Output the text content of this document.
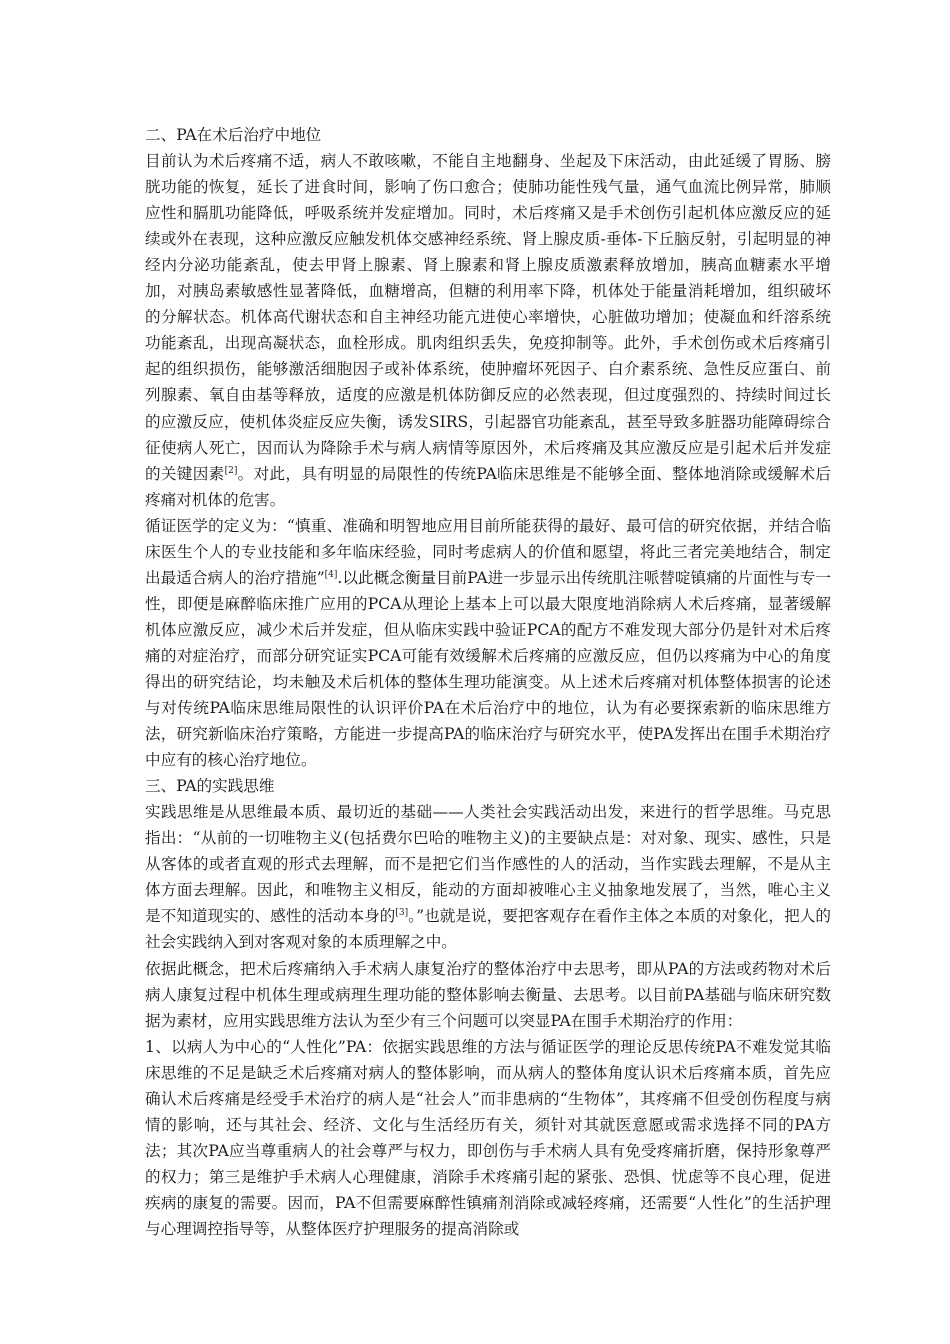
二、PA在术后治疗中地位

目前认为术后疼痛不适，病人不敢咳嗽，不能自主地翻身、坐起及下床活动，由此延缓了胃肠、膀胱功能的恢复，延长了进食时间，影响了伤口愈合；使肺功能性残气量，通气血流比例异常，肺顺应性和膈肌功能降低，呼吸系统并发症增加。同时，术后疼痛又是手术创伤引起机体应激反应的延续或外在表现，这种应激反应触发机体交感神经系统、肾上腺皮质-垂体-下丘脑反射，引起明显的神经内分泌功能紊乱，使去甲肾上腺素、肾上腺素和肾上腺皮质激素释放增加，胰高血糖素水平增加，对胰岛素敏感性显著降低，血糖增高，但糖的利用率下降，机体处于能量消耗增加，组织破坏的分解状态。机体高代谢状态和自主神经功能亢进使心率增快，心脏做功增加；使凝血和纤溶系统功能紊乱，出现高凝状态，血栓形成。肌肉组织丢失，免疫抑制等。此外，手术创伤或术后疼痛引起的组织损伤，能够激活细胞因子或补体系统，使肿瘤坏死因子、白介素系统、急性反应蛋白、前列腺素、氧自由基等释放，适度的应激是机体防御反应的必然表现，但过度强烈的、持续时间过长的应激反应，使机体炎症反应失衡，诱发SIRS，引起器官功能紊乱，甚至导致多脏器功能障碍综合征使病人死亡，因而认为降除手术与病人病情等原因外，术后疼痛及其应激反应是引起术后并发症的关键因素[2]。对此，具有明显的局限性的传统PA临床思维是不能够全面、整体地消除或缓解术后疼痛对机体的危害。

循证医学的定义为：“慎重、准确和明智地应用目前所能获得的最好、最可信的研究依据，并结合临床医生个人的专业技能和多年临床经验，同时考虑病人的价值和愿望，将此三者完美地结合，制定出最适合病人的治疗措施”[4].以此概念衡量目前PA进一步显示出传统肌注哌替啶镇痛的片面性与专一性，即便是麻醉临床推广应用的PCA从理论上基本上可以最大限度地消除病人术后疼痛，显著缓解机体应激反应，减少术后并发症，但从临床实践中验证PCA的配方不难发现大部分仍是针对术后疼痛的对症治疗，而部分研究证实PCA可能有效缓解术后疼痛的应激反应，但仍以疼痛为中心的角度得出的研究结论，均未触及术后机体的整体生理功能演变。从上述术后疼痛对机体整体损害的论述与对传统PA临床思维局限性的认识评价PA在术后治疗中的地位，认为有必要探索新的临床思维方法，研究新临床治疗策略，方能进一步提高PA的临床治疗与研究水平，使PA发挥出在围手术期治疗中应有的核心治疗地位。

三、PA的实践思维

实践思维是从思维最本质、最切近的基础——人类社会实践活动出发，来进行的哲学思维。马克思指出：“从前的一切唯物主义(包括费尔巴哈的唯物主义)的主要缺点是：对对象、现实、感性，只是从客体的或者直观的形式去理解，而不是把它们当作感性的人的活动，当作实践去理解，不是从主体方面去理解。因此，和唯物主义相反，能动的方面却被唯心主义抽象地发展了，当然，唯心主义是不知道现实的、感性的活动本身的[3]。”也就是说，要把客观存在看作主体之本质的对象化，把人的社会实践纳入到对客观对象的本质理解之中。

依据此概念，把术后疼痛纳入手术病人康复治疗的整体治疗中去思考，即从PA的方法或药物对术后病人康复过程中机体生理或病理生理功能的整体影响去衡量、去思考。以目前PA基础与临床研究数据为素材，应用实践思维方法认为至少有三个问题可以突显PA在围手术期治疗的作用：

1、以病人为中心的“人性化”PA：依据实践思维的方法与循证医学的理论反思传统PA不难发觉其临床思维的不足是缺乏术后疼痛对病人的整体影响，而从病人的整体角度认识术后疼痛本质，首先应确认术后疼痛是经受手术治疗的病人是“社会人”而非患病的“生物体”，其疼痛不但受创伤程度与病情的影响，还与其社会、经济、文化与生活经历有关，须针对其就医意愿或需求选择不同的PA方法；其次PA应当尊重病人的社会尊严与权力，即创伤与手术病人具有免受疼痛折磨，保持形象尊严的权力；第三是维护手术病人心理健康，消除手术疼痛引起的紧张、恐惧、忧虑等不良心理，促进疾病的康复的需要。因而，PA不但需要麻醉性镇痛剂消除或减轻疼痛，还需要“人性化”的生活护理与心理调控指导等，从整体医疗护理服务的提高消除或
